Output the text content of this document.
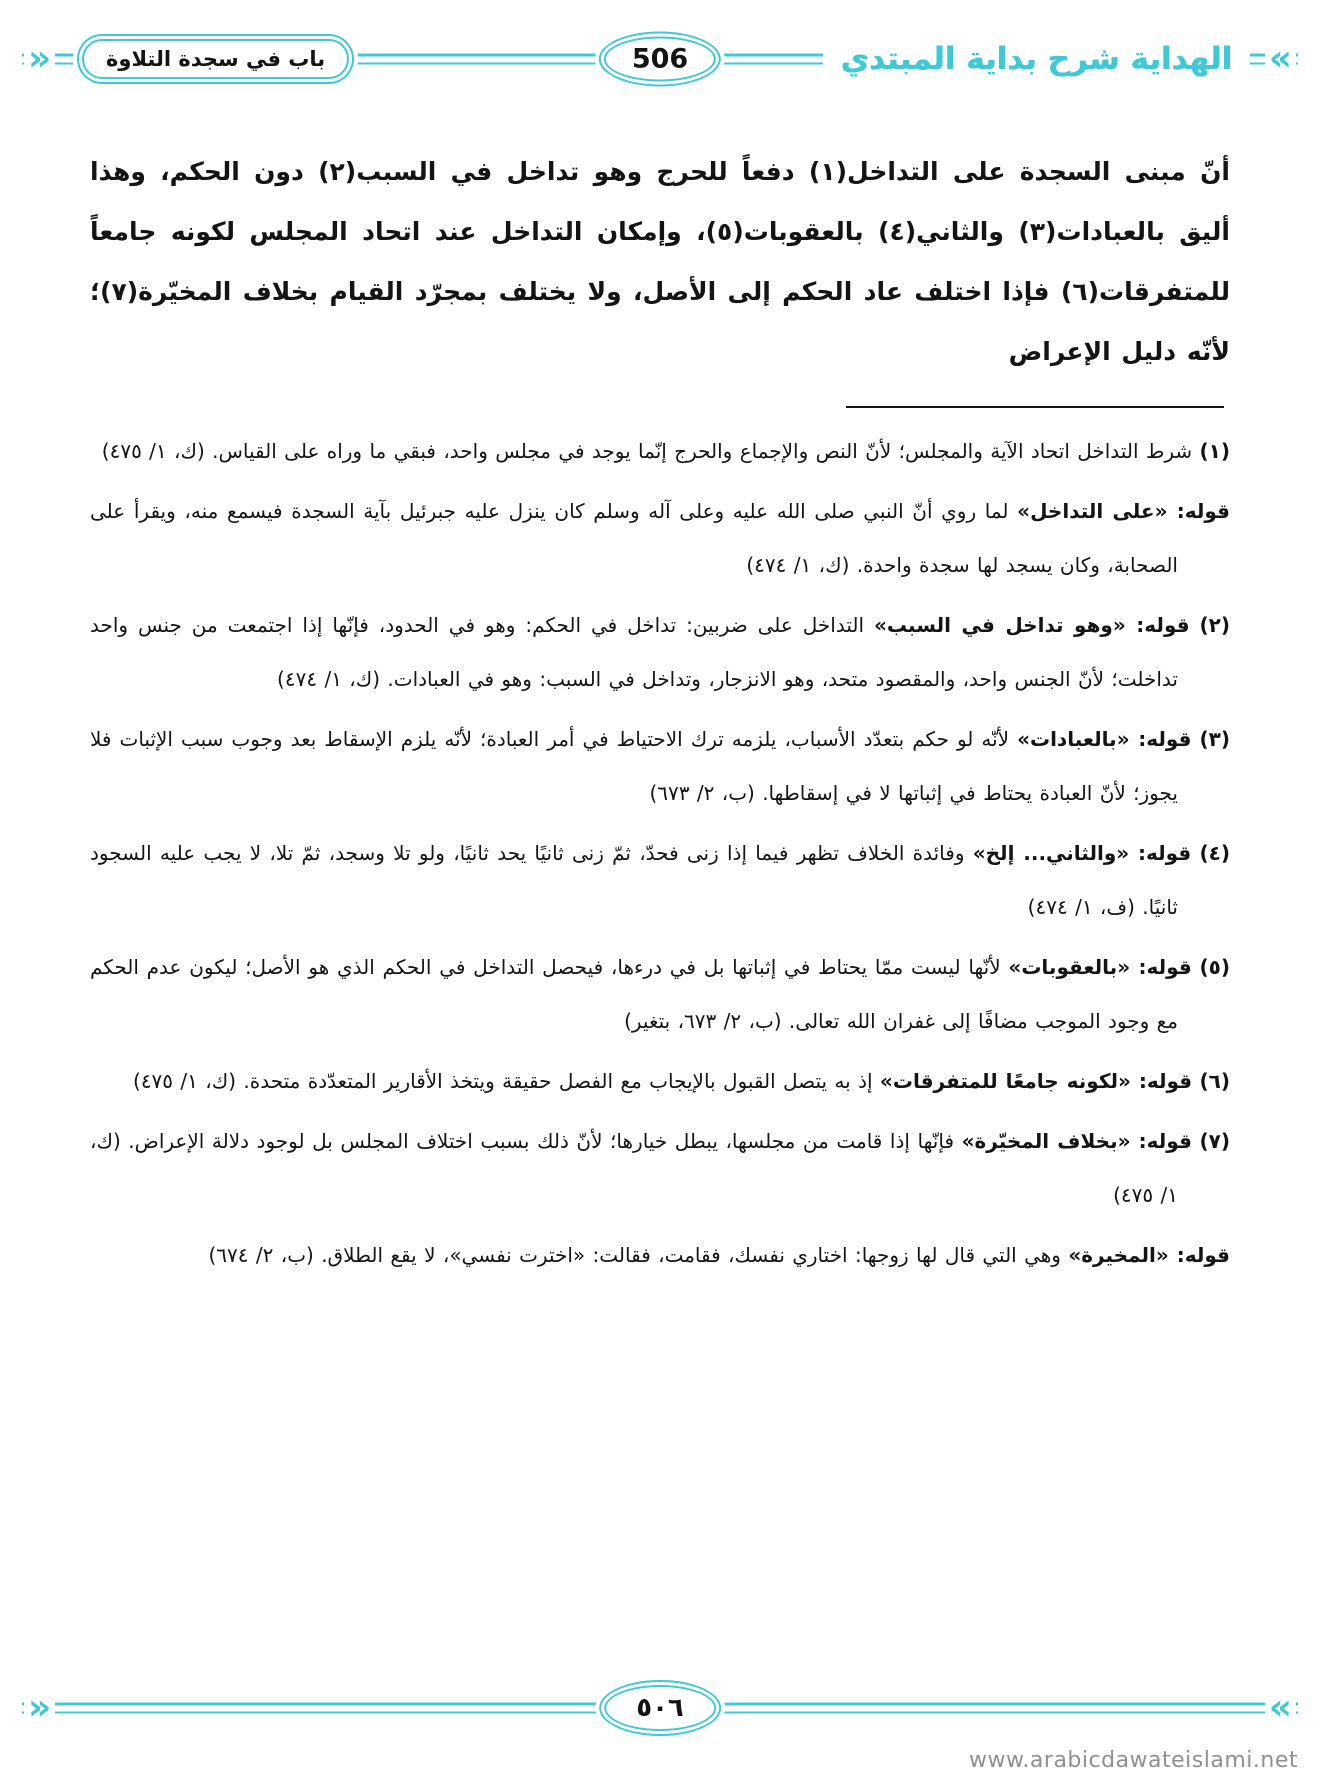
«
»	الهداية شرح بداية المبتدي
506
باب في سجدة التلاوة

أنّ مبنى السجدة على التداخل(١) دفعاً للحرج وهو تداخل في السبب(٢) دون الحكم، وهذا أليق بالعبادات(٣) والثاني(٤) بالعقوبات(٥)، وإمكان التداخل عند اتحاد المجلس لكونه جامعاً للمتفرقات(٦) فإذا اختلف عاد الحكم إلى الأصل، ولا يختلف بمجرّد القيام بخلاف المخيّرة(٧)؛ لأنّه دليل الإعراض

(١) شرط التداخل اتحاد الآية والمجلس؛ لأنّ النص والإجماع والحرج إنّما يوجد في مجلس واحد، فبقي ما وراه على القياس. (ك، ١/ ٤٧٥)

قوله: «على التداخل» لما روي أنّ النبي صلى الله عليه وعلى آله وسلم كان ينزل عليه جبرئيل بآية السجدة فيسمع منه، ويقرأ على الصحابة، وكان يسجد لها سجدة واحدة. (ك، ١/ ٤٧٤)

(٢) قوله: «وهو تداخل في السبب» التداخل على ضربين: تداخل في الحكم: وهو في الحدود، فإنّها إذا اجتمعت من جنس واحد تداخلت؛ لأنّ الجنس واحد، والمقصود متحد، وهو الانزجار، وتداخل في السبب: وهو في العبادات. (ك، ١/ ٤٧٤)

(٣) قوله: «بالعبادات» لأنّه لو حكم بتعدّد الأسباب، يلزمه ترك الاحتياط في أمر العبادة؛ لأنّه يلزم الإسقاط بعد وجوب سبب الإثبات فلا يجوز؛ لأنّ العبادة يحتاط في إثباتها لا في إسقاطها. (ب، ٢/ ٦٧٣)

(٤) قوله: «والثاني... إلخ» وفائدة الخلاف تظهر فيما إذا زنى فحدّ، ثمّ زنى ثانيًا يحد ثانيًا، ولو تلا وسجد، ثمّ تلا، لا يجب عليه السجود ثانيًا. (ف، ١/ ٤٧٤)

(٥) قوله: «بالعقوبات» لأنّها ليست ممّا يحتاط في إثباتها بل في درءها، فيحصل التداخل في الحكم الذي هو الأصل؛ ليكون عدم الحكم مع وجود الموجب مضافًا إلى غفران الله تعالى. (ب، ٢/ ٦٧٣، بتغير)

(٦) قوله: «لكونه جامعًا للمتفرقات» إذ به يتصل القبول بالإيجاب مع الفصل حقيقة ويتخذ الأقارير المتعدّدة متحدة. (ك، ١/ ٤٧٥)

(٧) قوله: «بخلاف المخيّرة» فإنّها إذا قامت من مجلسها، يبطل خيارها؛ لأنّ ذلك بسبب اختلاف المجلس بل لوجود دلالة الإعراض. (ك، ١/ ٤٧٥)

قوله: «المخيرة» وهي التي قال لها زوجها: اختاري نفسك، فقامت، فقالت: «اخترت نفسي»، لا يقع الطلاق. (ب، ٢/ ٦٧٤)

«
»	٥٠٦
www.arabicdawateislami.net
